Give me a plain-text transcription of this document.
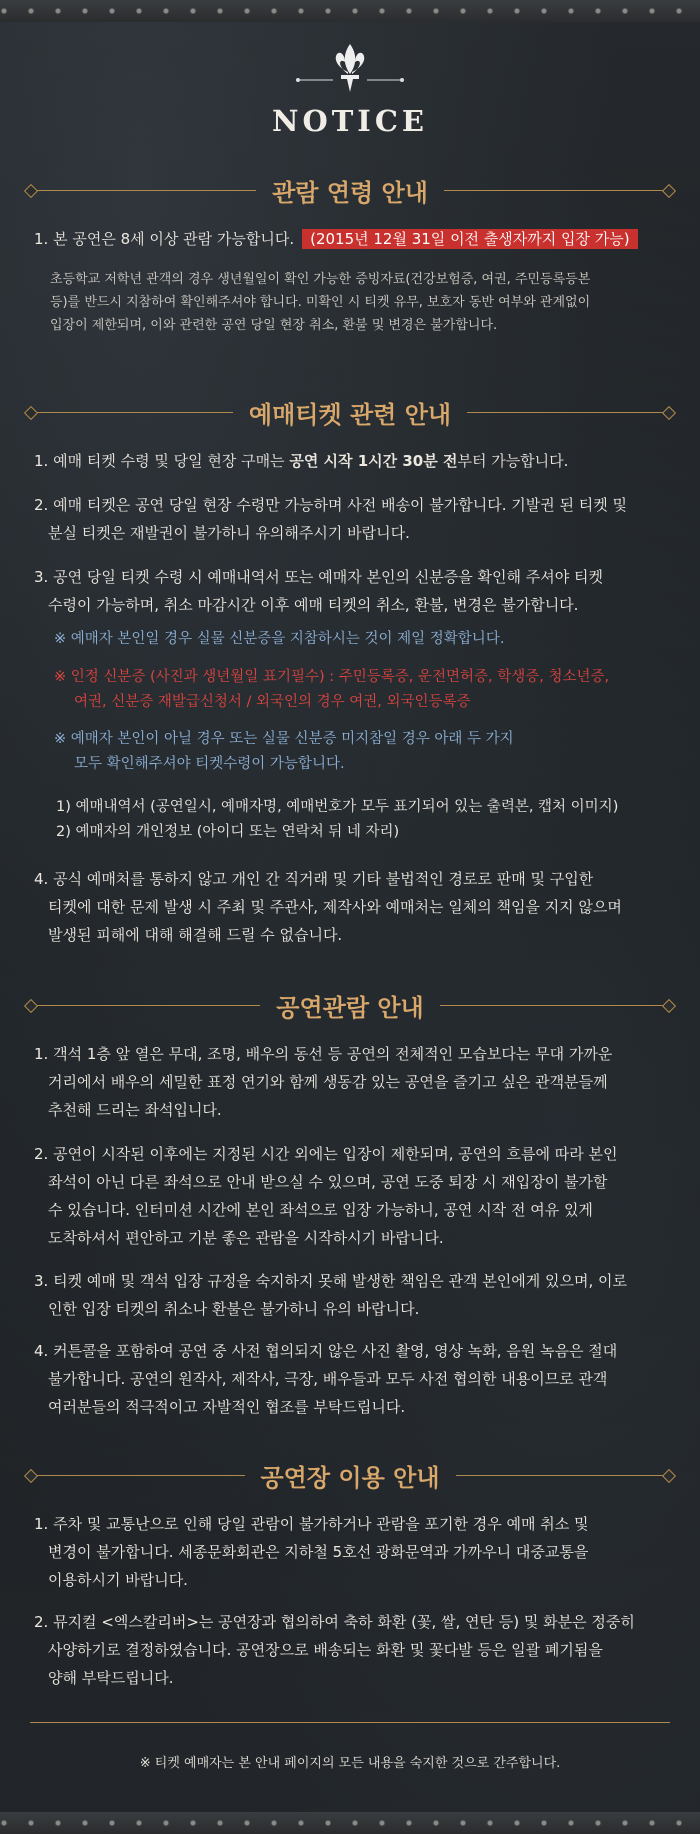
NOTICE
관람 연령 안내
1. 본 공연은 8세 이상 관람 가능합니다. (2015년 12월 31일 이전 출생자까지 입장 가능)
초등학교 저학년 관객의 경우 생년월일이 확인 가능한 증빙자료(건강보험증, 여권, 주민등록등본
등)를 반드시 지참하여 확인해주셔야 합니다. 미확인 시 티켓 유무, 보호자 동반 여부와 관계없이
입장이 제한되며, 이와 관련한 공연 당일 현장 취소, 환불 및 변경은 불가합니다.
예매티켓 관련 안내
1. 예매 티켓 수령 및 당일 현장 구매는 공연 시작 1시간 30분 전부터 가능합니다.
2. 예매 티켓은 공연 당일 현장 수령만 가능하며 사전 배송이 불가합니다. 기발권 된 티켓 및
분실 티켓은 재발권이 불가하니 유의해주시기 바랍니다.
3. 공연 당일 티켓 수령 시 예매내역서 또는 예매자 본인의 신분증을 확인해 주셔야 티켓
수령이 가능하며, 취소 마감시간 이후 예매 티켓의 취소, 환불, 변경은 불가합니다.
※ 예매자 본인일 경우 실물 신분증을 지참하시는 것이 제일 정확합니다.
※ 인정 신분증 (사진과 생년월일 표기필수) : 주민등록증, 운전면허증, 학생증, 청소년증,
여권, 신분증 재발급신청서 / 외국인의 경우 여권, 외국인등록증
※ 예매자 본인이 아닐 경우 또는 실물 신분증 미지참일 경우 아래 두 가지
모두 확인해주셔야 티켓수령이 가능합니다.
1) 예매내역서 (공연일시, 예매자명, 예매번호가 모두 표기되어 있는 출력본, 캡처 이미지)
2) 예매자의 개인정보 (아이디 또는 연락처 뒤 네 자리)
4. 공식 예매처를 통하지 않고 개인 간 직거래 및 기타 불법적인 경로로 판매 및 구입한
티켓에 대한 문제 발생 시 주최 및 주관사, 제작사와 예매처는 일체의 책임을 지지 않으며
발생된 피해에 대해 해결해 드릴 수 없습니다.
공연관람 안내
1. 객석 1층 앞 열은 무대, 조명, 배우의 동선 등 공연의 전체적인 모습보다는 무대 가까운
거리에서 배우의 세밀한 표정 연기와 함께 생동감 있는 공연을 즐기고 싶은 관객분들께
추천해 드리는 좌석입니다.
2. 공연이 시작된 이후에는 지정된 시간 외에는 입장이 제한되며, 공연의 흐름에 따라 본인
좌석이 아닌 다른 좌석으로 안내 받으실 수 있으며, 공연 도중 퇴장 시 재입장이 불가할
수 있습니다. 인터미션 시간에 본인 좌석으로 입장 가능하니, 공연 시작 전 여유 있게
도착하셔서 편안하고 기분 좋은 관람을 시작하시기 바랍니다.
3. 티켓 예매 및 객석 입장 규정을 숙지하지 못해 발생한 책임은 관객 본인에게 있으며, 이로
인한 입장 티켓의 취소나 환불은 불가하니 유의 바랍니다.
4. 커튼콜을 포함하여 공연 중 사전 협의되지 않은 사진 촬영, 영상 녹화, 음원 녹음은 절대
불가합니다. 공연의 원작사, 제작사, 극장, 배우들과 모두 사전 협의한 내용이므로 관객
여러분들의 적극적이고 자발적인 협조를 부탁드립니다.
공연장 이용 안내
1. 주차 및 교통난으로 인해 당일 관람이 불가하거나 관람을 포기한 경우 예매 취소 및
변경이 불가합니다. 세종문화회관은 지하철 5호선 광화문역과 가까우니 대중교통을
이용하시기 바랍니다.
2. 뮤지컬 <엑스칼리버>는 공연장과 협의하여 축하 화환 (꽃, 쌀, 연탄 등) 및 화분은 정중히
사양하기로 결정하였습니다. 공연장으로 배송되는 화환 및 꽃다발 등은 일괄 폐기됨을
양해 부탁드립니다.
※ 티켓 예매자는 본 안내 페이지의 모든 내용을 숙지한 것으로 간주합니다.
